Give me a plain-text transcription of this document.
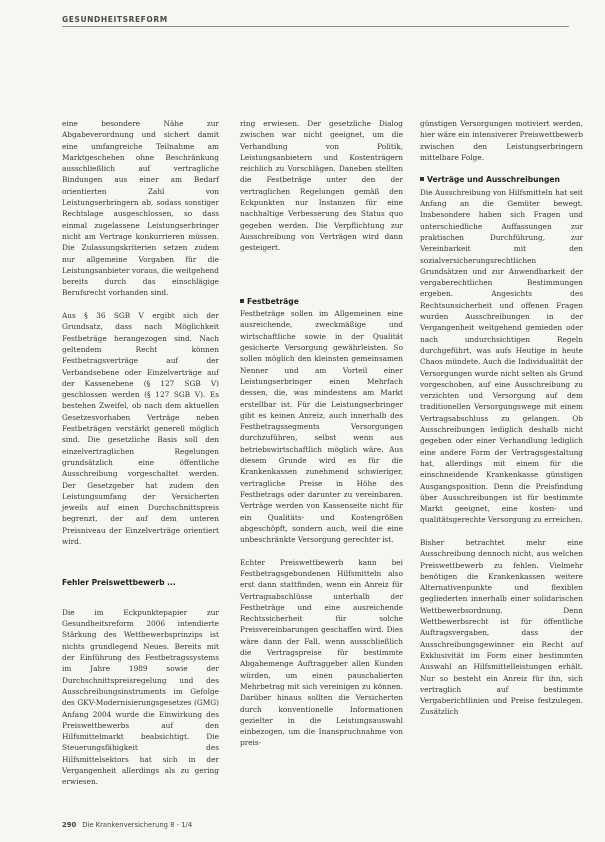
GESUNDHEITSREFORM

eine besondere Nähe zur Abgabeverordnung und sichert damit eine umfangreiche Teilnahme am Marktgeschehen ohne Beschränkung ausschließlich auf vertragliche Bindungen aus einer am Bedarf orientierten Zahl von Leistungserbringern ab, sodass sonstiger Rechtslage ausgeschlossen, so dass einmal zugelassene Leistungserbringer nicht am Vertrage konkurrieren müssen. Die Zulassungskriterien setzen zudem nur allgemeine Vorgaben für die Leistungsanbieter voraus, die weitgehend bereits durch das einschlägige Berufsrecht vorhanden sind.

Aus § 36 SGB V ergibt sich der Grundsatz, dass nach Möglichkeit Festbeträge herangezogen sind. Nach geltendem Recht können Festbetragsverträge auf der Verbandsebene oder Einzelverträge auf der Kassenebene (§ 127 SGB V) geschlossen werden (§ 127 SGB V). Es bestehen Zweifel, ob nach dem aktuellen Gesetzesvorhaben Verträge neben Festbeträgen verstärkt generell möglich sind. Die gesetzliche Basis soll den einzelvertraglichen Regelungen grundsätzlich eine öffentliche Ausschreibung vorgeschaltet werden. Der Gesetzgeber hat zudem den Leistungsumfang der Versicherten jeweils auf einen Durchschnittspreis begrenzt, der auf dem unteren Preisniveau der Einzelverträge orientiert wird.

Fehler Preiswettbewerb ...

Die im Eckpunktepapier zur Gesundheitsreform 2006 intendierte Stärkung des Wettbewerbsprinzips ist nichts grundlegend Neues. Bereits mit der Einführung des Festbetragssystems im Jahre 1989 sowie der Durchschnittspreisregelung und des Ausschreibungsinstruments im Gefolge des GKV-Modernisierungsgesetzes (GMG) Anfang 2004 wurde die Einwirkung des Preiswettbewerbs auf den Hilfsmittelmarkt beabsichtigt. Die Steuerungsfähigkeit des Hilfsmittelsektors hat sich in der Vergangenheit allerdings als zu gering erwiesen.

ring erwiesen. Der gesetzliche Dialog zwischen war nicht geeignet, um die Verhandlung von Politik, Leistungsanbietern und Kostenträgern reichlich zu Vorschlägen. Daneben stellten die Festbeträge unter den der vertraglichen Regelungen gemäß den Eckpunkten nur Instanzen für eine nachhaltige Verbesserung des Status quo gegeben werden. Die Verpflichtung zur Ausschreibung von Verträgen wird dann gesteigert.

Festbeträge

Festbeträge sollen im Allgemeinen eine ausreichende, zweckmäßige und wirtschaftliche sowie in der Qualität gesicherte Versorgung gewährleisten. So sollen möglich den kleinsten gemeinsamen Nenner und am Vorteil einer Leistungserbringer einen Mehrfach dessen, die, was mindestens am Markt erstellbar ist. Für die Leistungserbringer gibt es keinen Anreiz, auch innerhalb des Festbetragssegments Versorgungen durchzuführen, selbst wenn aus betriebswirtschaftlich möglich wäre. Aus diesem Grunde wird es für die Krankenkassen zunehmend schwieriger, vertragliche Preise in Höhe des Festbetrags oder darunter zu vereinbaren. Verträge werden von Kassenseite nicht für ein Qualitäts- und Kostengrößen abgeschöpft, sondern auch, weil die eine unbeschränkte Versorgung gerechter ist.

Echter Preiswettbewerb kann bei Festbetragsgebundenen Hilfsmitteln also erst dann stattfinden, wenn ein Anreiz für Vertragsabschlüsse unterhalb der Festbeträge und eine ausreichende Rechtssicherheit für solche Preisvereinbarungen geschaffen wird. Dies wäre dann der Fall, wenn ausschließlich die Vertragspreise für bestimmte Abgabemenge Auftraggeber allen Kunden würden, um einen pauschalierten Mehrbetrag mit sich vereinigen zu können. Darüber hinaus sollten die Versicherten durch konventionelle Informationen gezielter in die Leistungsauswahl einbezogen, um die Inanspruchnahme von preis-

günstigen Versorgungen motiviert werden, hier wäre ein intensiverer Preiswettbewerb zwischen den Leistungserbringern mittelbare Folge.

Verträge und Ausschreibungen

Die Ausschreibung von Hilfsmitteln hat seit Anfang an die Gemüter bewegt. Insbesondere haben sich Fragen und unterschiedliche Auffassungen zur praktischen Durchführung, zur Vereinbarkeit mit den sozialversicherungsrechtlichen Grundsätzen und zur Anwendbarkeit der vergaberechtlichen Bestimmungen ergeben. Angesichts des Rechtsunsicherheit und offenen Fragen wurden Ausschreibungen in der Vergangenheit weitgehend gemieden oder nach undurchsichtigen Regeln durchgeführt, was aufs Heutige in heute Chaos mündete. Auch die Individualität der Versorgungen wurde nicht selten als Grund vorgeschoben, auf eine Ausschreibung zu verzichten und Versorgung auf dem traditionellen Versorgungswege mit einem Vertragsabschluss zu gelangen. Ob Ausschreibungen lediglich deshalb nicht gegeben oder einer Verhandlung lediglich eine andere Form der Vertragsgestaltung hat, allerdings mit einem für die einschneidende Krankenkasse günstigen Ausgangsposition. Denn die Preisfindung über Ausschreibungen ist für bestimmte Markt geeignet, eine kosten- und qualitätsgerechte Versorgung zu erreichen.

Bisher betrachtet mehr eine Ausschreibung dennoch nicht, aus welchen Preiswettbewerb zu fehlen. Vielmehr benötigen die Krankenkassen weitere Alternativenpunkte und flexiblen gegliederten innerhalb einer solidarischen Wettbewerbsordnung. Denn Wettbewerbsrecht ist für öffentliche Auftragsvergaben, dass der Ausschreibungsgewinner ein Recht auf Exklusivität im Form einer bestimmten Auswahl an Hilfsmittelleistungen erhält. Nur so besteht ein Anreiz für ihn, sich vertraglich auf bestimmte Vergaberichtlinien und Preise festzulegen. Zusätzlich

290 Die Krankenversicherung 8 - 1/4
